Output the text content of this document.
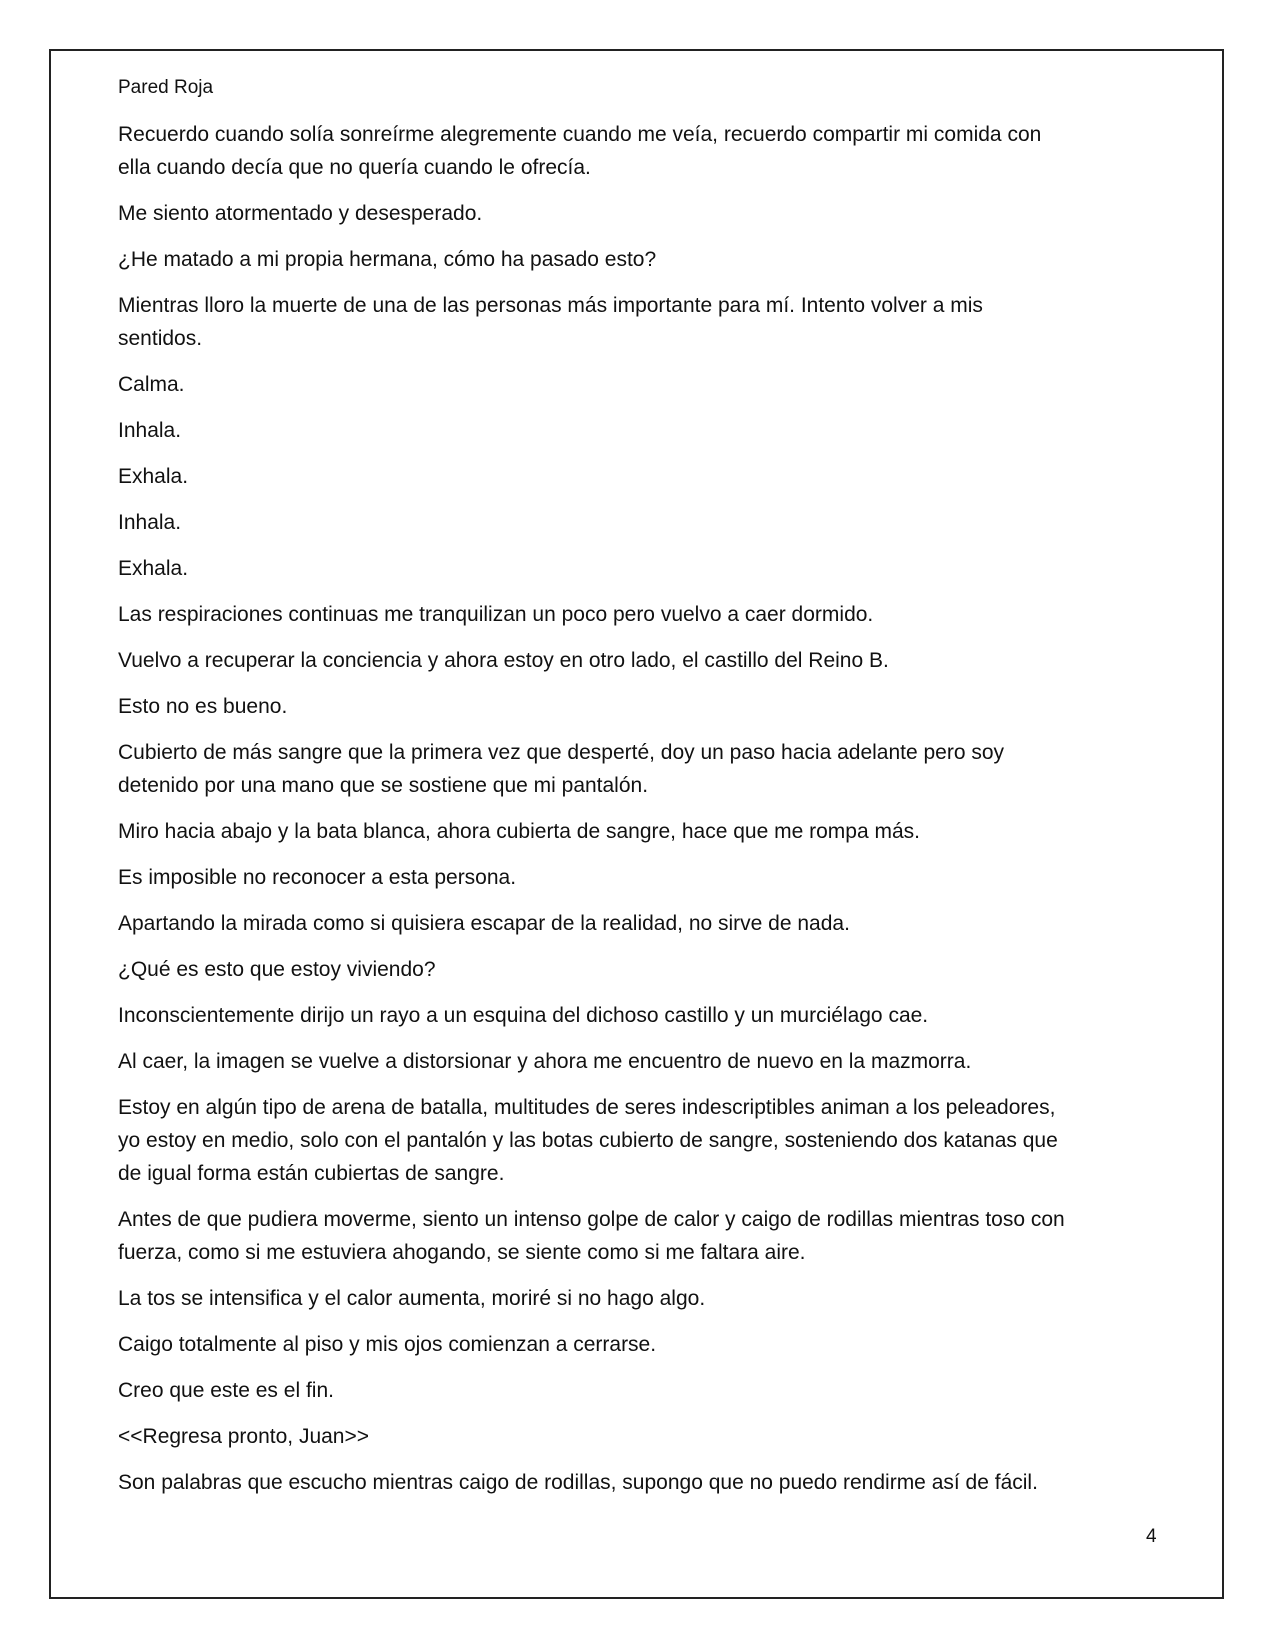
Pared Roja
Recuerdo cuando solía sonreírme alegremente cuando me veía, recuerdo compartir mi comida con
ella cuando decía que no quería cuando le ofrecía.
Me siento atormentado y desesperado.
¿He matado a mi propia hermana, cómo ha pasado esto?
Mientras lloro la muerte de una de las personas más importante para mí. Intento volver a mis
sentidos.
Calma.
Inhala.
Exhala.
Inhala.
Exhala.
Las respiraciones continuas me tranquilizan un poco pero vuelvo a caer dormido.
Vuelvo a recuperar la conciencia y ahora estoy en otro lado, el castillo del Reino B.
Esto no es bueno.
Cubierto de más sangre que la primera vez que desperté, doy un paso hacia adelante pero soy
detenido por una mano que se sostiene que mi pantalón.
Miro hacia abajo y la bata blanca, ahora cubierta de sangre, hace que me rompa más.
Es imposible no reconocer a esta persona.
Apartando la mirada como si quisiera escapar de la realidad, no sirve de nada.
¿Qué es esto que estoy viviendo?
Inconscientemente dirijo un rayo a un esquina del dichoso castillo y un murciélago cae.
Al caer, la imagen se vuelve a distorsionar y ahora me encuentro de nuevo en la mazmorra.
Estoy en algún tipo de arena de batalla, multitudes de seres indescriptibles animan a los peleadores,
yo estoy en medio, solo con el pantalón y las botas cubierto de sangre, sosteniendo dos katanas que
de igual forma están cubiertas de sangre.
Antes de que pudiera moverme, siento un intenso golpe de calor y caigo de rodillas mientras toso con
fuerza, como si me estuviera ahogando, se siente como si me faltara aire.
La tos se intensifica y el calor aumenta, moriré si no hago algo.
Caigo totalmente al piso y mis ojos comienzan a cerrarse.
Creo que este es el fin.
<<Regresa pronto, Juan>>
Son palabras que escucho mientras caigo de rodillas, supongo que no puedo rendirme así de fácil.
4
